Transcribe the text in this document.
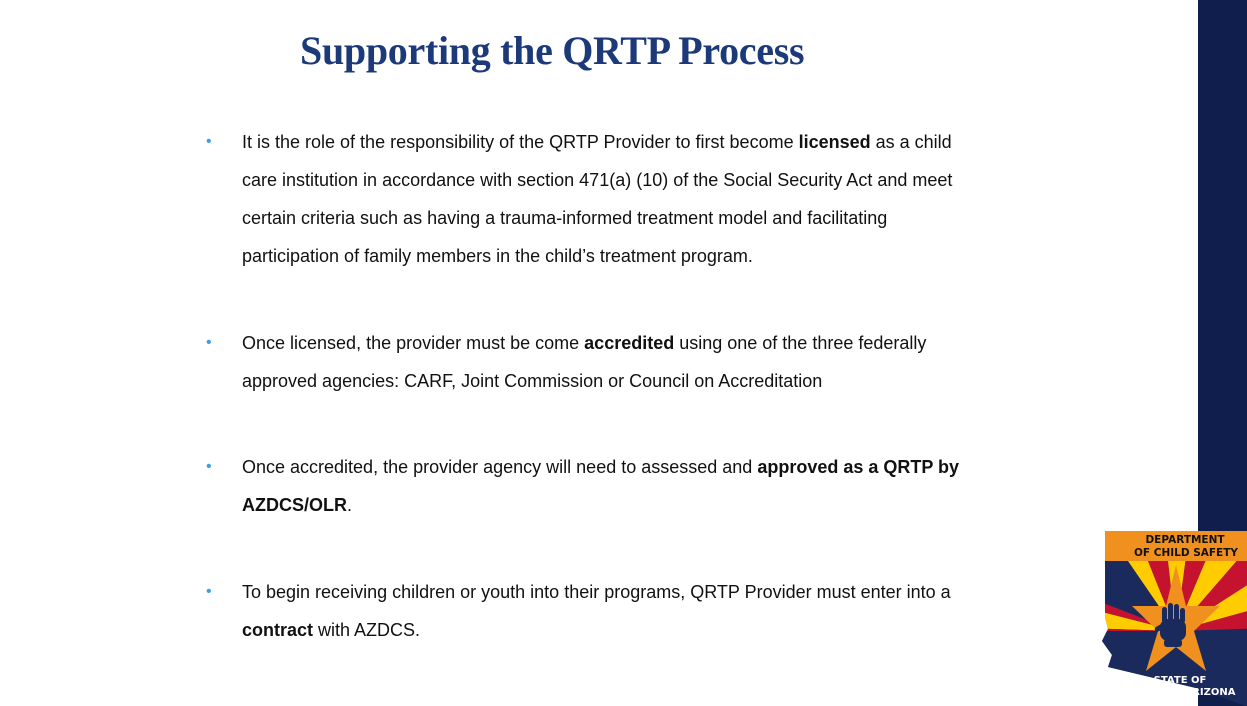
Supporting the QRTP Process
• It is the role of the responsibility of the QRTP Provider to first become licensed as a child care institution in accordance with section 471(a) (10) of the Social Security Act and meet certain criteria such as having a trauma-informed treatment model and facilitating participation of family members in the child’s treatment program.
• Once licensed, the provider must be come accredited using one of the three federally approved agencies: CARF, Joint Commission or Council on Accreditation
• Once accredited, the provider agency will need to assessed and approved as a QRTP by AZDCS/OLR.
• To begin receiving children or youth into their programs, QRTP Provider must enter into a contract with AZDCS.
DEPARTMENT
OF CHILD SAFETY
STATE OF
ARIZONA
